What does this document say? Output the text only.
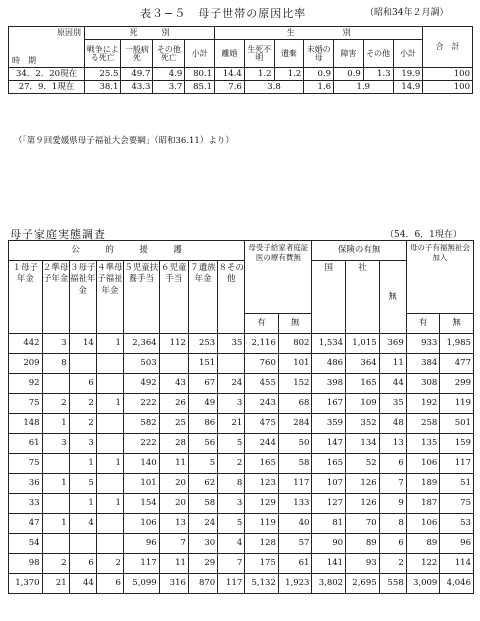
表３−５　母子世帯の原因比率	（昭和34年２月調）
原因別
時　期	死　　　別				生　　　　　　別							合　計
	戦争による死亡	一般病死	その他死亡	小計	離婚	生死不明	遺棄	未婚の母	障害	その他	小計	
34．2．20現在	25.5	49.7	4.9	80.1	14.4	1.2	1.2	0.9	0.9	1.3	19.9	100
27．9．1現在	38.1	43.3	3.7	85.1	7.6	3.8		1.6	1.9		14.9	100
（「第９回愛媛県母子福祉大会要綱」（昭和36.11）より）
母子家庭実態調査	（54．6．1現在）
公　　　的　　　援　　　護								母受子給家者庭証医の療有費無		保険の有無			母の子有福無祉会加入	
１母子年金	２準母子年金	３母子福祉年金	４準母子福祉年金	５児童扶養手当	６児童手当	７遺族年金	８その他			国	社	無		
								有	無				有	無
442	3	14	1	2,364	112	253	35	2,116	802	1,534	1,015	369	933	1,985
209	8			503		151		760	101	486	364	11	384	477
92		6		492	43	67	24	455	152	398	165	44	308	299
75	2	2	1	222	26	49	3	243	68	167	109	35	192	119
148	1	2		582	25	86	21	475	284	359	352	48	258	501
61	3	3		222	28	56	5	244	50	147	134	13	135	159
75		1	1	140	11	5	2	165	58	165	52	6	106	117
36	1	5		101	20	62	8	123	117	107	126	7	189	51
33		1	1	154	20	58	3	129	133	127	126	9	187	75
47	1	4		106	13	24	5	119	40	81	70	8	106	53
54				96	7	30	4	128	57	90	89	6	89	96
98	2	6	2	117	11	29	7	175	61	141	93	2	122	114
1,370	21	44	6	5,099	316	870	117	5,132	1,923	3,802	2,695	558	3,009	4,046
